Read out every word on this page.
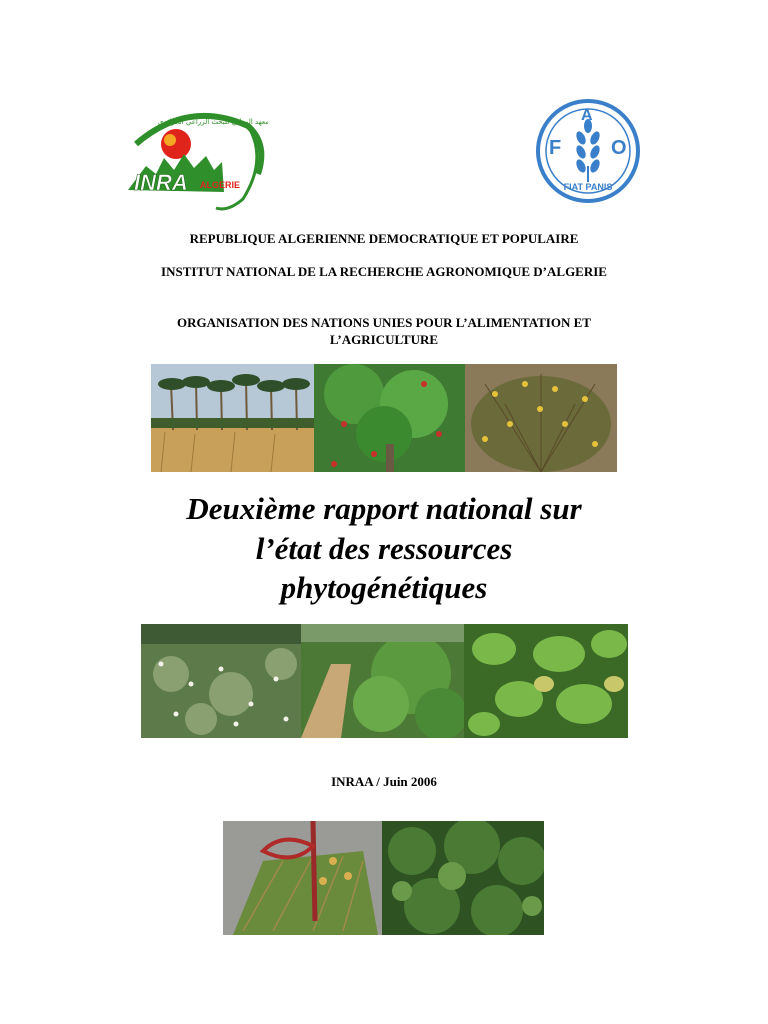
INRA ALGERIE
المعهد الوطني للبحث الزراعي الجزائري
F
A
O
FIAT PANIS
REPUBLIQUE ALGERIENNE DEMOCRATIQUE ET POPULAIRE
INSTITUT NATIONAL DE LA RECHERCHE AGRONOMIQUE D’ALGERIE
ORGANISATION DES NATIONS UNIES POUR L’ALIMENTATION ET
L’AGRICULTURE
Deuxième rapport national sur
l’état des ressources
phytogénétiques
INRAA / Juin 2006
